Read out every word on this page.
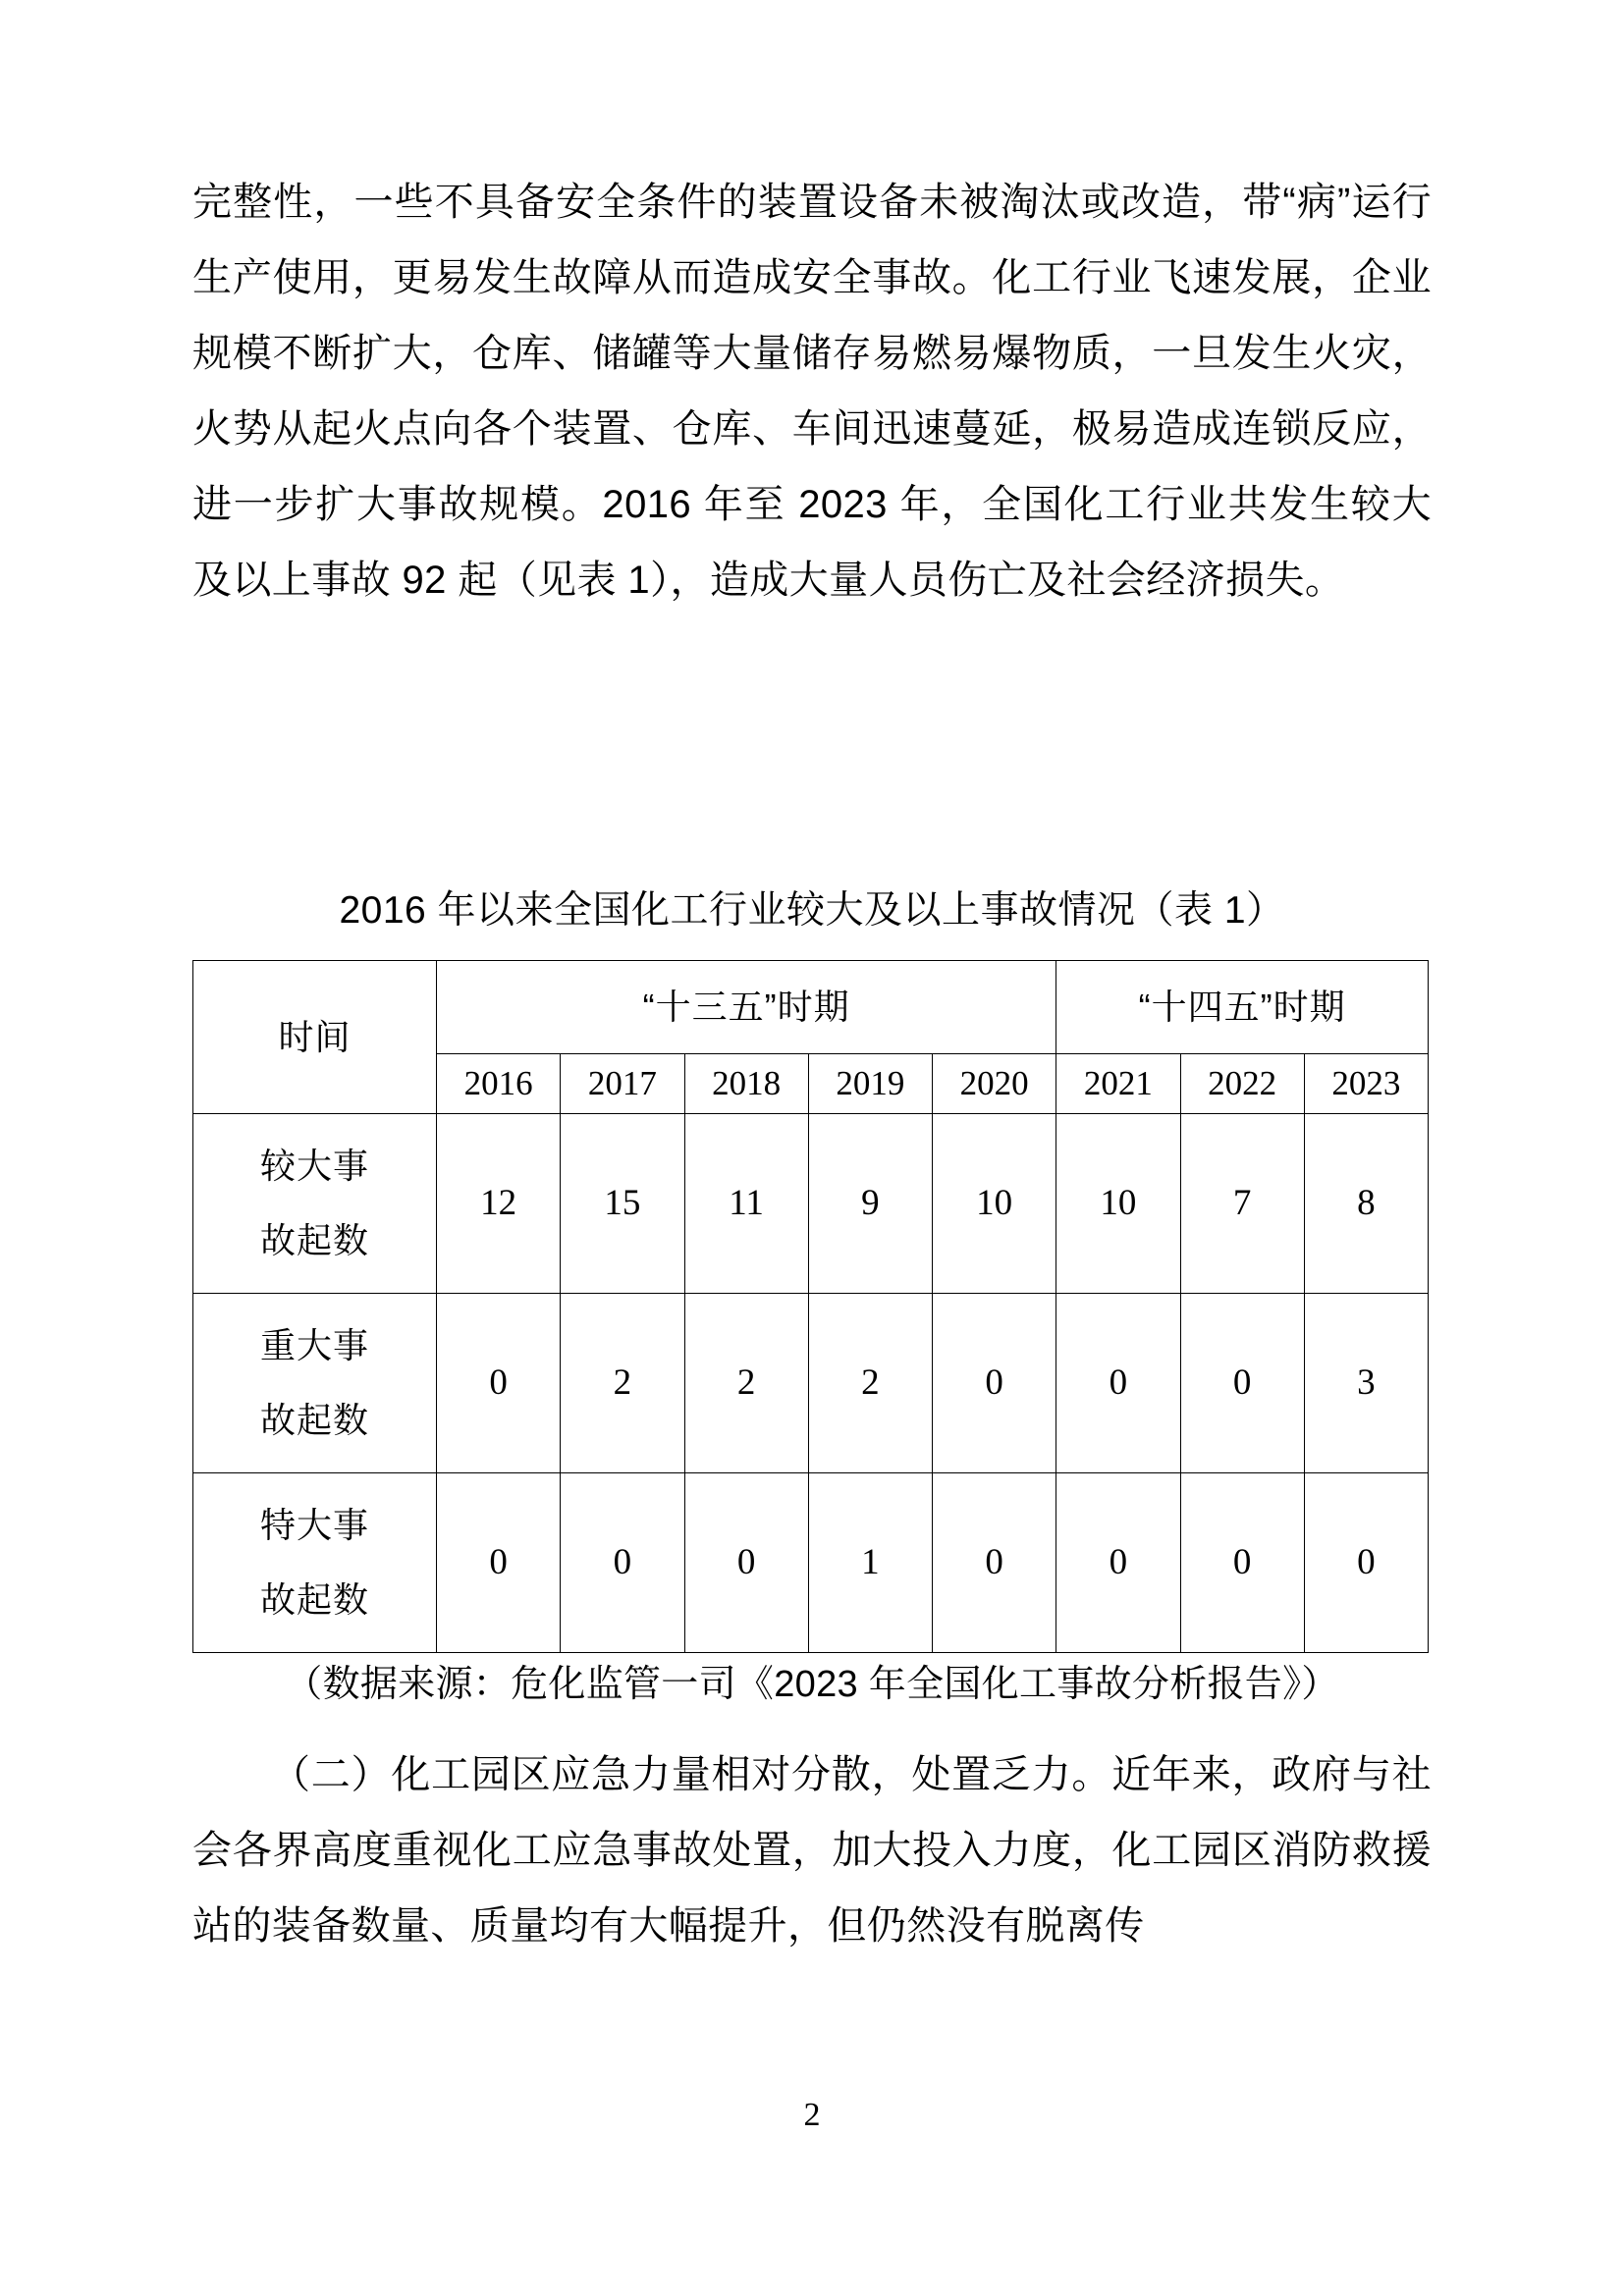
完整性，一些不具备安全条件的装置设备未被淘汰或改造，带“病”运行生产使用，更易发生故障从而造成安全事故。化工行业飞速发展，企业规模不断扩大，仓库、储罐等大量储存易燃易爆物质，一旦发生火灾，火势从起火点向各个装置、仓库、车间迅速蔓延，极易造成连锁反应，进一步扩大事故规模。2016 年至 2023 年，全国化工行业共发生较大及以上事故 92 起（见表 1），造成大量人员伤亡及社会经济损失。

2016 年以来全国化工行业较大及以上事故情况（表 1）
时间	“十三五”时期					“十四五”时期		
	2016	2017	2018	2019	2020	2021	2022	2023

较大事
故起数	12	15	11	9	10	10	7	8

重大事
故起数	0	2	2	2	0	0	0	3

特大事
故起数	0	0	0	1	0	0	0	0
（数据来源：危化监管一司《2023 年全国化工事故分析报告》）

（二）化工园区应急力量相对分散，处置乏力。近年来，政府与社会各界高度重视化工应急事故处置，加大投入力度，化工园区消防救援站的装备数量、质量均有大幅提升，但仍然没有脱离传

2
